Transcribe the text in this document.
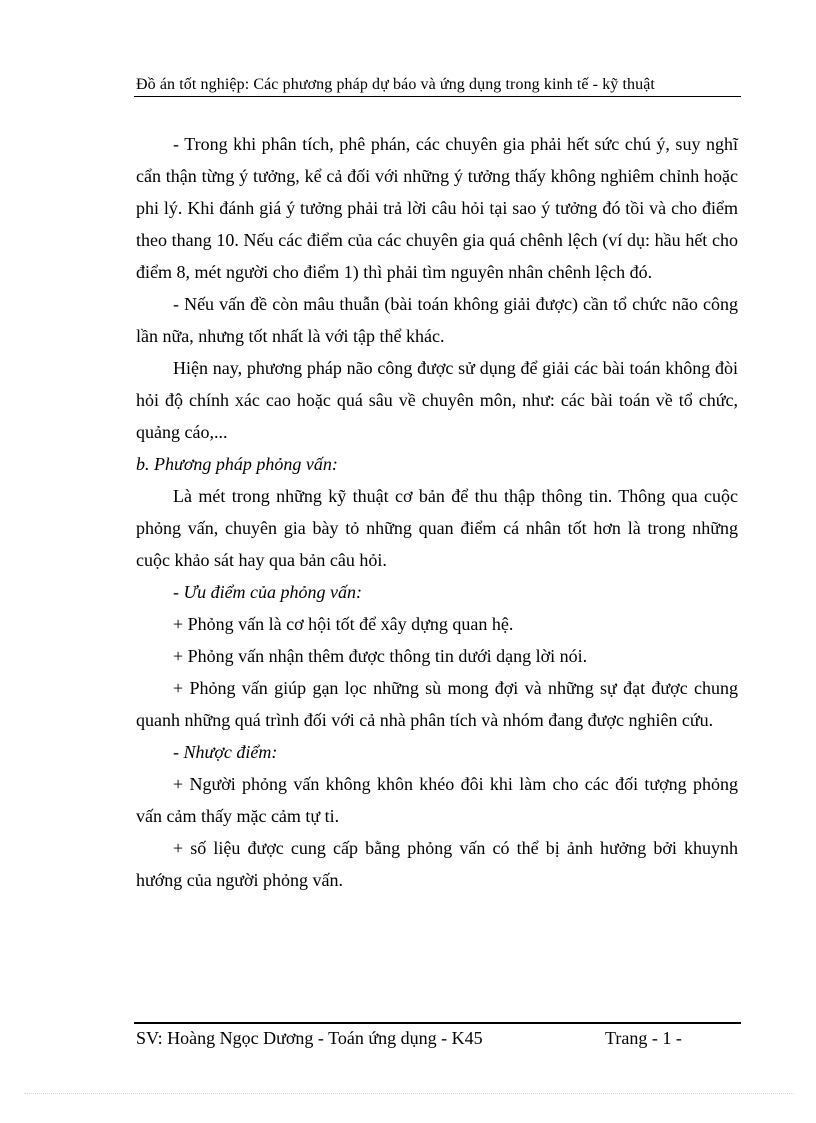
Đồ án tốt nghiệp: Các phương pháp dự báo và ứng dụng trong kinh tế - kỹ thuật

- Trong khi phân tích, phê phán, các chuyên gia phải hết sức chú ý, suy nghĩ cẩn thận từng ý tưởng, kể cả đối với những ý tưởng thấy không nghiêm chỉnh hoặc phi lý. Khi đánh giá ý tưởng phải trả lời câu hỏi tại sao ý tưởng đó tồi và cho điểm theo thang 10. Nếu các điểm của các chuyên gia quá chênh lệch (ví dụ: hầu hết cho điểm 8, mét người cho điểm 1) thì phải tìm nguyên nhân chênh lệch đó.

- Nếu vấn đề còn mâu thuẫn (bài toán không giải được) cần tổ chức não công lần nữa, nhưng tốt nhất là với tập thể khác.

Hiện nay, phương pháp não công được sử dụng để giải các bài toán không đòi hỏi độ chính xác cao hoặc quá sâu về chuyên môn, như: các bài toán về tổ chức, quảng cáo,...

b. Phương pháp phỏng vấn:

Là mét trong những kỹ thuật cơ bản để thu thập thông tin. Thông qua cuộc phỏng vấn, chuyên gia bày tỏ những quan điểm cá nhân tốt hơn là trong những cuộc khảo sát hay qua bản câu hỏi.

- Ưu điểm của phỏng vấn:

+ Phỏng vấn là cơ hội tốt để xây dựng quan hệ.

+ Phỏng vấn nhận thêm được thông tin dưới dạng lời nói.

+ Phỏng vấn giúp gạn lọc những sù mong đợi và những sự đạt được chung quanh những quá trình đối với cả nhà phân tích và nhóm đang được nghiên cứu.

- Nhược điểm:

+ Người phỏng vấn không khôn khéo đôi khi làm cho các đối tượng phỏng vấn cảm thấy mặc cảm tự ti.

+ số liệu được cung cấp bằng phỏng vấn có thể bị ảnh hưởng bởi khuynh hướng của người phỏng vấn.

SV: Hoàng Ngọc Dương - Toán ứng dụng - K45	Trang - 1 -
